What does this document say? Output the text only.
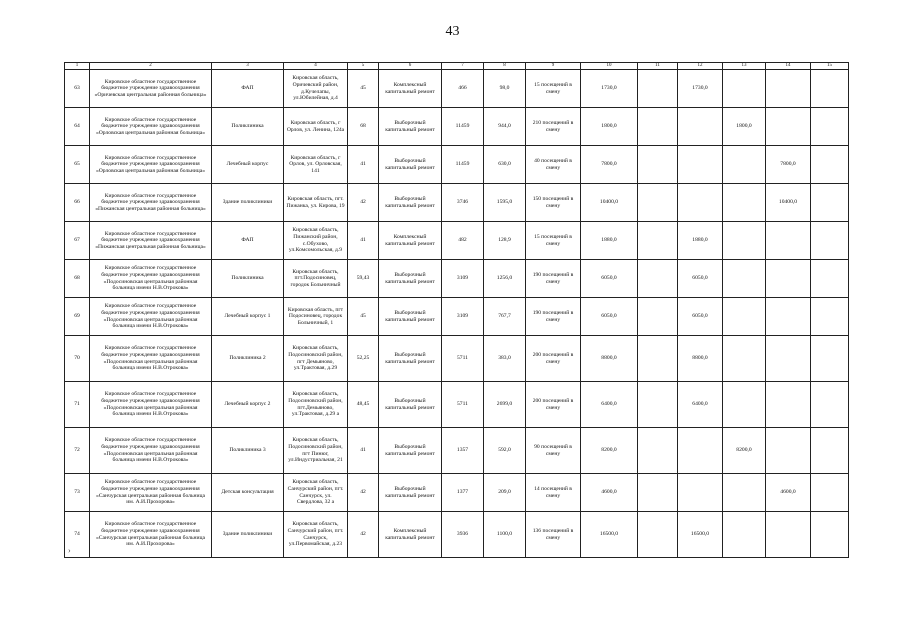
43
1	2	3	4	5	6	7	8	9	10	11	12	13	14	15
63	Кировское областное государственное бюджетное учреждение здравоохранения «Оричевская центральная районная больница»	ФАП	Кировская область, Оричевский район, д.Кучелапы, ул.Юбилейная, д.4	45	Комплексный капитальный ремонт	466	98,0	15 посещений в смену	1730,0		1730,0			
64	Кировское областное государственное бюджетное учреждение здравоохранения «Орловская центральная районная больница»	Поликлиника	Кировская область, г Орлов, ул. Ленина, 124а	68	Выборочный капитальный ремонт	11459	944,0	210 посещений в смену	1800,0			1800,0		
65	Кировское областное государственное бюджетное учреждение здравоохранения «Орловская центральная районная больница»	Лечебный корпус	Кировская область, г Орлов, ул. Орловская, 141	41	Выборочный капитальный ремонт	11459	630,0	40 посещений в смену	7800,0				7800,0	
66	Кировское областное государственное бюджетное учреждение здравоохранения «Пижанская центральная районная больница»	Здание поликлиники	Кировская область, пгт. Пижанка, ул. Кирова, 19	42	Выборочный капитальный ремонт	3746	1595,0	150 посещений в смену	10400,0				10400,0	
67	Кировское областное государственное бюджетное учреждение здравоохранения «Пижанская центральная районная больница»	ФАП	Кировская область, Пижанский район, с.Обухово, ул.Комсомольская, д.9	41	Комплексный капитальный ремонт	482	128,9	15 посещений в смену	1880,0		1880,0			
68	Кировское областное государственное бюджетное учреждение здравоохранения «Подосиновская центральная районная больница имени Н.В.Отрокова»	Поликлиника	Кировская область, пгт.Подосиновец, городок Больничный	59,43	Выборочный капитальный ремонт	3109	1256,0	190 посещений в смену	6050,0		6050,0			
69	Кировское областное государственное бюджетное учреждение здравоохранения «Подосиновская центральная районная больница имени Н.В.Отрокова»	Лечебный корпус 1	Кировская область, пгт Подосиновец, городок Больничный, 1	45	Выборочный капитальный ремонт	3109	767,7	190 посещений в смену	6050,0		6050,0			
70	Кировское областное государственное бюджетное учреждение здравоохранения «Подосиновская центральная районная больница имени Н.В.Отрокова»	Поликлиника 2	Кировская область, Подосиновский район, пгт Демьяново, ул.Трактовая, д.29	52,25	Выборочный капитальный ремонт	5711	383,0	200 посещений в смену	8800,0		8800,0			
71	Кировское областное государственное бюджетное учреждение здравоохранения «Подосиновская центральная районная больница имени Н.В.Отрокова»	Лечебный корпус 2	Кировская область, Подосиновский район, пгт.Демьяново, ул.Трактовая, д.29 а	48,45	Выборочный капитальный ремонт	5711	2699,0	200 посещений в смену	6400,0		6400,0			
72	Кировское областное государственное бюджетное учреждение здравоохранения «Подосиновская центральная районная больница имени Н.В.Отрокова»	Поликлиника 3	Кировская область, Подосиновский район, пгт Пинюг, ул.Индустриальная, 21	41	Выборочный капитальный ремонт	1357	592,0	90 посещений в смену	8200,0			8200,0		
73	Кировское областное государственное бюджетное учреждение здравоохранения «Санчурская центральная районная больница им. А.И.Прохорова»	Детская консультация	Кировская область, Санчурский район, пгт. Санчурск, ул. Свердлова, 32 а	42	Выборочный капитальный ремонт	1377	209,0	14 посещений в смену	4600,0				4600,0	
74	Кировское областное государственное бюджетное учреждение здравоохранения «Санчурская центральная районная больница им. А.И.Прохорова»	Здание поликлиники	Кировская область, Санчурский район, пгт. Санчурск, ул.Первомайская, д.23	42	Комплексный капитальный ремонт	3936	1100,0	136 посещений в смену	16500,0		16500,0			
›
